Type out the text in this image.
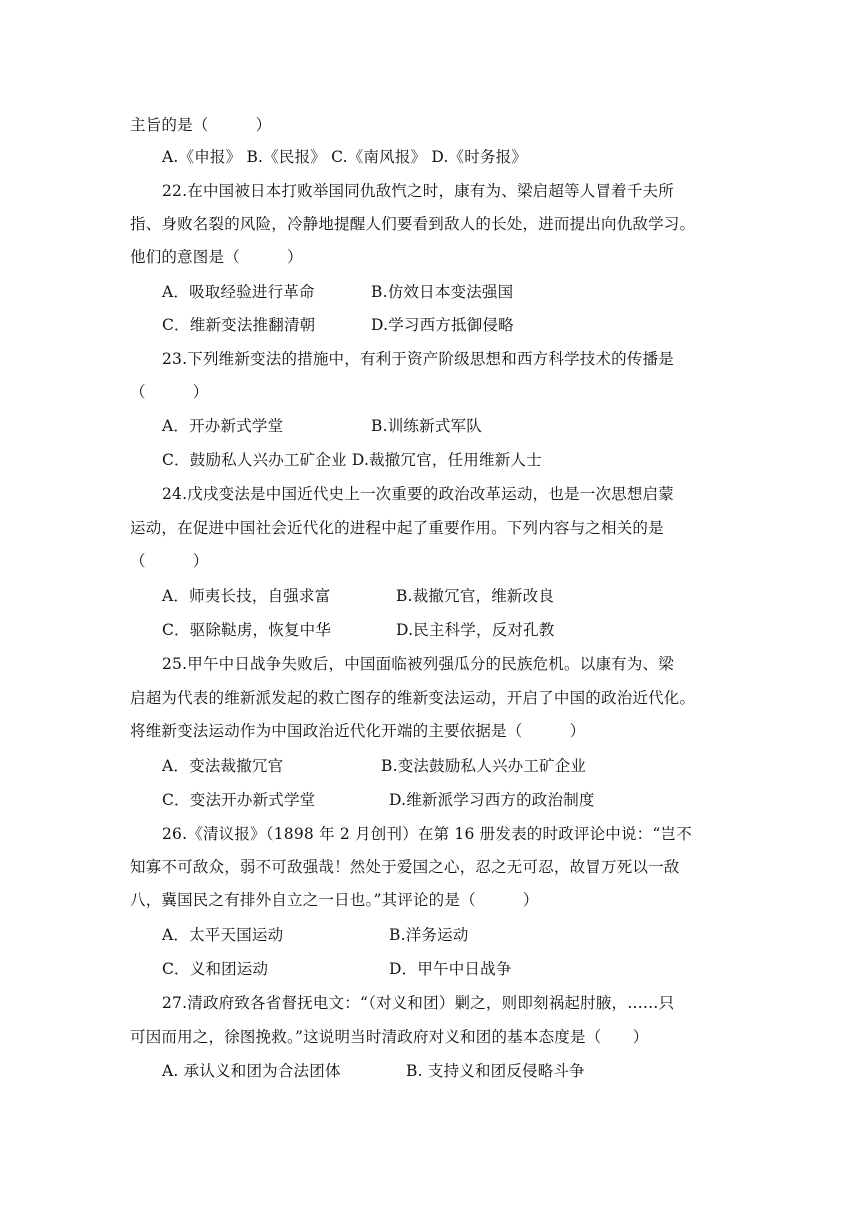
主旨的是（　　　）
A.《申报》 B.《民报》 C.《南风报》 D.《时务报》
22.在中国被日本打败举国同仇敌忾之时，康有为、梁启超等人冒着千夫所
指、身败名裂的风险，冷静地提醒人们要看到敌人的长处，进而提出向仇敌学习。
他们的意图是（　　　）
A．吸取经验进行革命	B.仿效日本变法强国
C．维新变法推翻清朝	D.学习西方抵御侵略
23.下列维新变法的措施中，有利于资产阶级思想和西方科学技术的传播是
（　　　）
A．开办新式学堂	B.训练新式军队
C．鼓励私人兴办工矿企业 D.裁撤冗官，任用维新人士
24.戊戌变法是中国近代史上一次重要的政治改革运动，也是一次思想启蒙
运动，在促进中国社会近代化的进程中起了重要作用。下列内容与之相关的是
（　　　）
A．师夷长技，自强求富	B.裁撤冗官，维新改良
C．驱除鞑虏，恢复中华	D.民主科学，反对孔教
25.甲午中日战争失败后，中国面临被列强瓜分的民族危机。以康有为、梁
启超为代表的维新派发起的救亡图存的维新变法运动，开启了中国的政治近代化。
将维新变法运动作为中国政治近代化开端的主要依据是（　　　）
A．变法裁撤冗官	B.变法鼓励私人兴办工矿企业
C．变法开办新式学堂	D.维新派学习西方的政治制度
26.《清议报》（1898 年 2 月创刊）在第 16 册发表的时政评论中说：“岂不
知寡不可敌众，弱不可敌强哉！然处于爱国之心，忍之无可忍，故冒万死以一敌
八，冀国民之有排外自立之一日也。”其评论的是（　　　）
A．太平天国运动	B.洋务运动
C．义和团运动	D．甲午中日战争
27.清政府致各省督抚电文：“（对义和团）剿之，则即刻祸起肘腋，……只
可因而用之，徐图挽救。”这说明当时清政府对义和团的基本态度是（　　）
A. 承认义和团为合法团体	B. 支持义和团反侵略斗争
